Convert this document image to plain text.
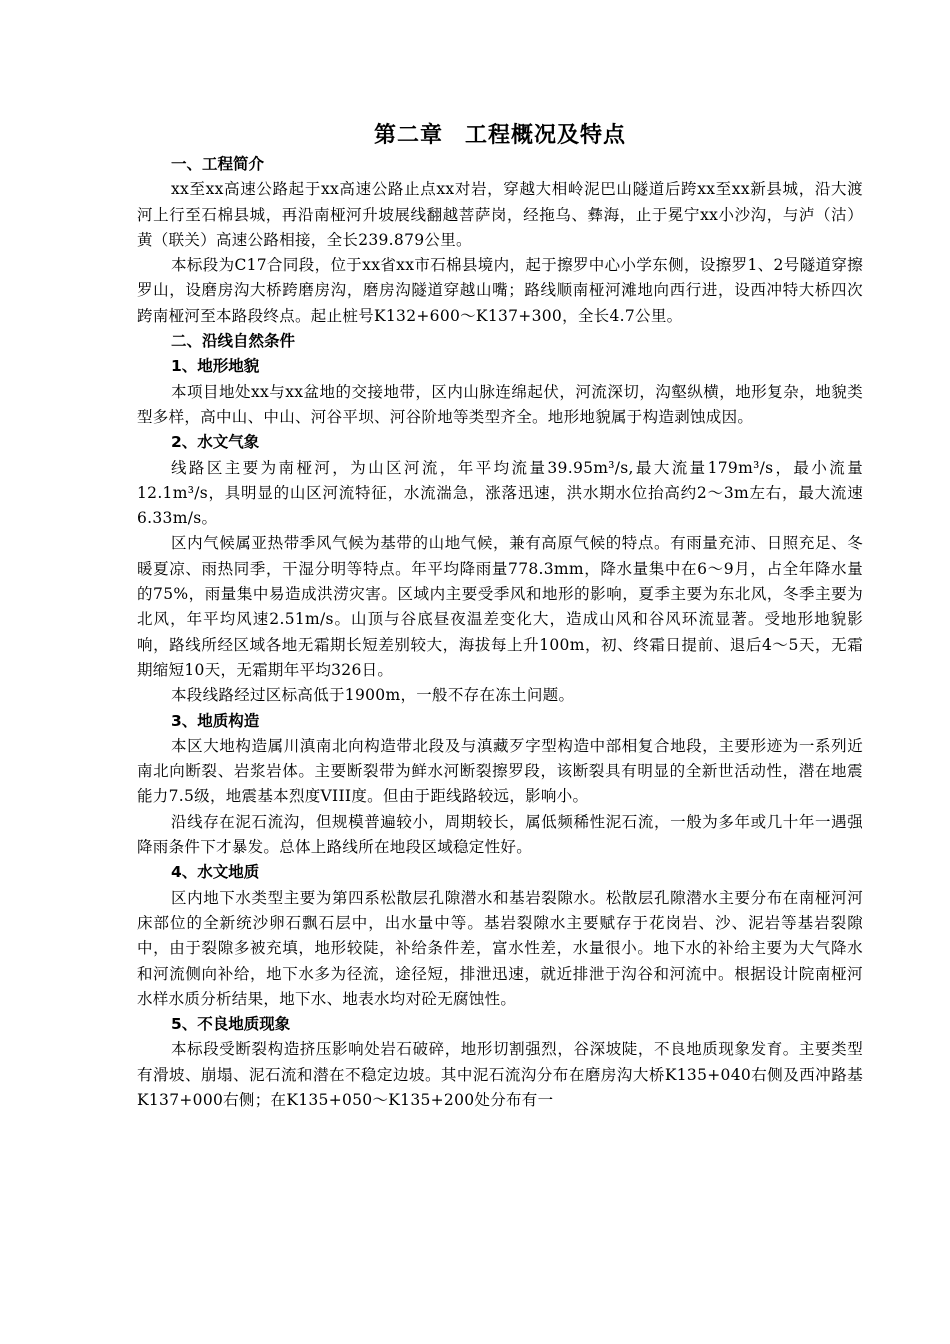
第二章 工程概况及特点

一、工程简介

xx至xx高速公路起于xx高速公路止点xx对岩，穿越大相岭泥巴山隧道后跨xx至xx新县城，沿大渡河上行至石棉县城，再沿南桠河升坡展线翻越菩萨岗，经拖乌、彝海，止于冕宁xx小沙沟，与泸（沽）黄（联关）高速公路相接，全长239.879公里。

本标段为C17合同段，位于xx省xx市石棉县境内，起于擦罗中心小学东侧，设擦罗1、2号隧道穿擦罗山，设磨房沟大桥跨磨房沟，磨房沟隧道穿越山嘴；路线顺南桠河滩地向西行进，设西冲特大桥四次跨南桠河至本路段终点。起止桩号K132+600～K137+300，全长4.7公里。

二、沿线自然条件

1、地形地貌

本项目地处xx与xx盆地的交接地带，区内山脉连绵起伏，河流深切，沟壑纵横，地形复杂，地貌类型多样，高中山、中山、河谷平坝、河谷阶地等类型齐全。地形地貌属于构造剥蚀成因。

2、水文气象

线路区主要为南桠河，为山区河流，年平均流量39.95m³/s,最大流量179m³/s，最小流量12.1m³/s，具明显的山区河流特征，水流湍急，涨落迅速，洪水期水位抬高约2～3m左右，最大流速6.33m/s。

区内气候属亚热带季风气候为基带的山地气候，兼有高原气候的特点。有雨量充沛、日照充足、冬暖夏凉、雨热同季，干湿分明等特点。年平均降雨量778.3mm，降水量集中在6～9月，占全年降水量的75%，雨量集中易造成洪涝灾害。区域内主要受季风和地形的影响，夏季主要为东北风，冬季主要为北风，年平均风速2.51m/s。山顶与谷底昼夜温差变化大，造成山风和谷风环流显著。受地形地貌影响，路线所经区域各地无霜期长短差别较大，海拔每上升100m，初、终霜日提前、退后4～5天，无霜期缩短10天，无霜期年平均326日。

本段线路经过区标高低于1900m，一般不存在冻土问题。

3、地质构造

本区大地构造属川滇南北向构造带北段及与滇藏歹字型构造中部相复合地段，主要形迹为一系列近南北向断裂、岩浆岩体。主要断裂带为鲜水河断裂擦罗段，该断裂具有明显的全新世活动性，潜在地震能力7.5级，地震基本烈度VIII度。但由于距线路较远，影响小。

沿线存在泥石流沟，但规模普遍较小，周期较长，属低频稀性泥石流，一般为多年或几十年一遇强降雨条件下才暴发。总体上路线所在地段区域稳定性好。

4、水文地质

区内地下水类型主要为第四系松散层孔隙潜水和基岩裂隙水。松散层孔隙潜水主要分布在南桠河河床部位的全新统沙卵石飘石层中，出水量中等。基岩裂隙水主要赋存于花岗岩、沙、泥岩等基岩裂隙中，由于裂隙多被充填，地形较陡，补给条件差，富水性差，水量很小。地下水的补给主要为大气降水和河流侧向补给，地下水多为径流，途径短，排泄迅速，就近排泄于沟谷和河流中。根据设计院南桠河水样水质分析结果，地下水、地表水均对砼无腐蚀性。

5、不良地质现象

本标段受断裂构造挤压影响处岩石破碎，地形切割强烈，谷深坡陡，不良地质现象发育。主要类型有滑坡、崩塌、泥石流和潜在不稳定边坡。其中泥石流沟分布在磨房沟大桥K135+040右侧及西冲路基K137+000右侧；在K135+050～K135+200处分布有一
